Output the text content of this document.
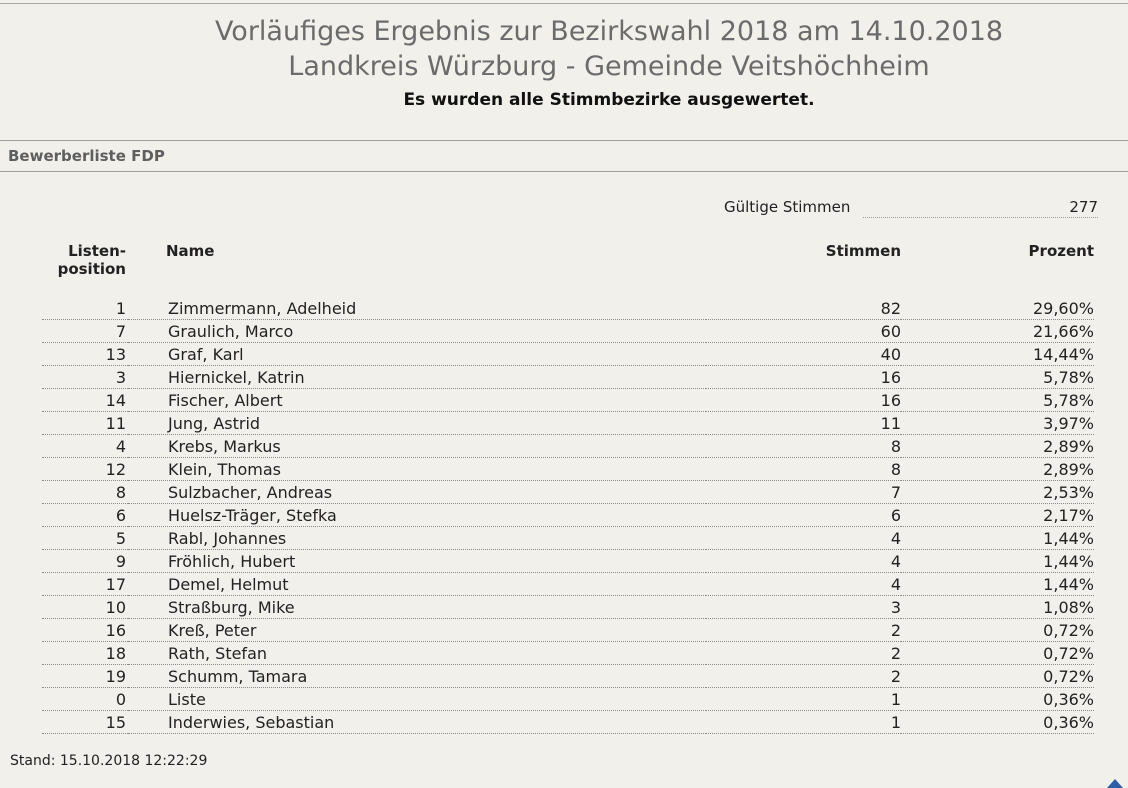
Vorläufiges Ergebnis zur Bezirkswahl 2018 am 14.10.2018
Landkreis Würzburg - Gemeinde Veitshöchheim
Es wurden alle Stimmbezirke ausgewertet.
Bewerberliste FDP
Gültige Stimmen	277
Listen-
position	Name	Stimmen	Prozent
1	Zimmermann, Adelheid	82	29,60%
7	Graulich, Marco	60	21,66%
13	Graf, Karl	40	14,44%
3	Hiernickel, Katrin	16	5,78%
14	Fischer, Albert	16	5,78%
11	Jung, Astrid	11	3,97%
4	Krebs, Markus	8	2,89%
12	Klein, Thomas	8	2,89%
8	Sulzbacher, Andreas	7	2,53%
6	Huelsz-Träger, Stefka	6	2,17%
5	Rabl, Johannes	4	1,44%
9	Fröhlich, Hubert	4	1,44%
17	Demel, Helmut	4	1,44%
10	Straßburg, Mike	3	1,08%
16	Kreß, Peter	2	0,72%
18	Rath, Stefan	2	0,72%
19	Schumm, Tamara	2	0,72%
0	Liste	1	0,36%
15	Inderwies, Sebastian	1	0,36%
Stand: 15.10.2018 12:22:29
